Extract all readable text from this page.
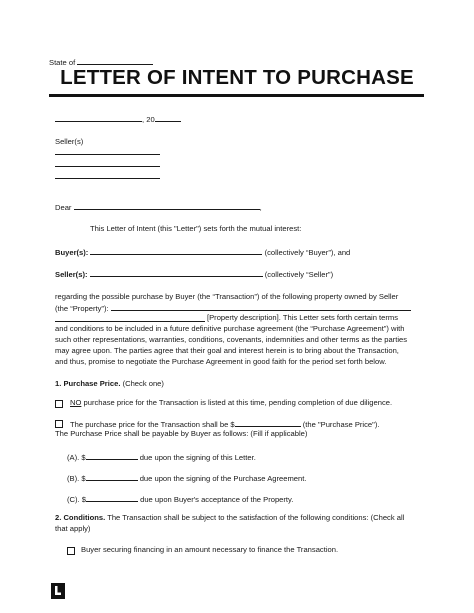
State of
LETTER OF INTENT TO PURCHASE
, 20
Seller(s)
Dear	,
This Letter of Intent (this "Letter") sets forth the mutual interest:
Buyer(s):	(collectively “Buyer”), and
Seller(s):	(collectively “Seller”)
regarding the possible purchase by Buyer (the “Transaction”) of the following property owned by Seller
(the “Property”):
[Property description]. This Letter sets forth certain terms
and conditions to be included in a future definitive purchase agreement (the “Purchase Agreement”) with
such other representations, warranties, conditions, covenants, indemnities and other terms as the parties
may agree upon. The parties agree that their goal and interest herein is to bring about the Transaction,
and thus, promise to negotiate the Purchase Agreement in good faith for the period set forth below.
1. Purchase Price. (Check one)
NO purchase price for the Transaction is listed at this time, pending completion of due diligence.
The purchase price for the Transaction shall be $	(the "Purchase Price").
The Purchase Price shall be payable by Buyer as follows: (Fill if applicable)
(A). $	due upon the signing of this Letter.
(B). $	due upon the signing of the Purchase Agreement.
(C). $	due upon Buyer's acceptance of the Property.
2. Conditions. The Transaction shall be subject to the satisfaction of the following conditions: (Check all
that apply)
Buyer securing financing in an amount necessary to finance the Transaction.
